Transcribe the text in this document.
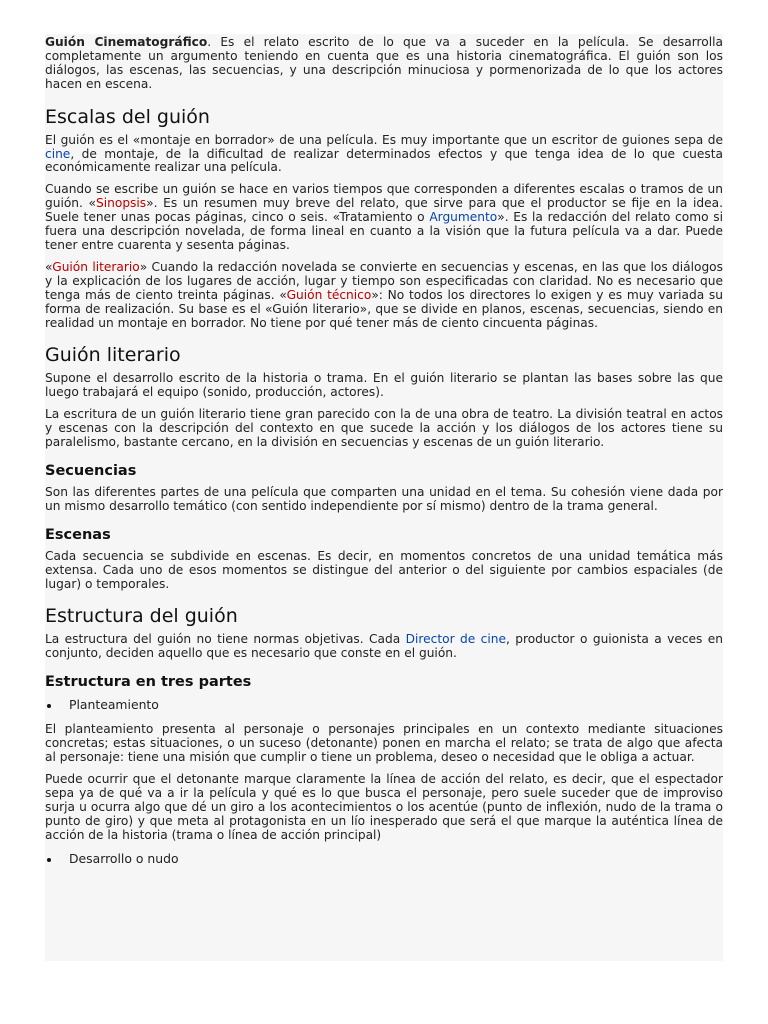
Guión Cinematográfico. Es el relato escrito de lo que va a suceder en la película. Se desarrolla completamente un argumento teniendo en cuenta que es una historia cinematográfica. El guión son los diálogos, las escenas, las secuencias, y una descripción minuciosa y pormenorizada de lo que los actores hacen en escena.

Escalas del guión

El guión es el «montaje en borrador» de una película. Es muy importante que un escritor de guiones sepa de cine, de montaje, de la dificultad de realizar determinados efectos y que tenga idea de lo que cuesta económicamente realizar una película.

Cuando se escribe un guión se hace en varios tiempos que corresponden a diferentes escalas o tramos de un guión. «Sinopsis». Es un resumen muy breve del relato, que sirve para que el productor se fije en la idea. Suele tener unas pocas páginas, cinco o seis. «Tratamiento o Argumento». Es la redacción del relato como si fuera una descripción novelada, de forma lineal en cuanto a la visión que la futura película va a dar. Puede tener entre cuarenta y sesenta páginas.

«Guión literario» Cuando la redacción novelada se convierte en secuencias y escenas, en las que los diálogos y la explicación de los lugares de acción, lugar y tiempo son especificadas con claridad. No es necesario que tenga más de ciento treinta páginas. «Guión técnico»: No todos los directores lo exigen y es muy variada su forma de realización. Su base es el «Guión literario», que se divide en planos, escenas, secuencias, siendo en realidad un montaje en borrador. No tiene por qué tener más de ciento cincuenta páginas.

Guión literario

Supone el desarrollo escrito de la historia o trama. En el guión literario se plantan las bases sobre las que luego trabajará el equipo (sonido, producción, actores).

La escritura de un guión literario tiene gran parecido con la de una obra de teatro. La división teatral en actos y escenas con la descripción del contexto en que sucede la acción y los diálogos de los actores tiene su paralelismo, bastante cercano, en la división en secuencias y escenas de un guión literario.

Secuencias

Son las diferentes partes de una película que comparten una unidad en el tema. Su cohesión viene dada por un mismo desarrollo temático (con sentido independiente por sí mismo) dentro de la trama general.

Escenas

Cada secuencia se subdivide en escenas. Es decir, en momentos concretos de una unidad temática más extensa. Cada uno de esos momentos se distingue del anterior o del siguiente por cambios espaciales (de lugar) o temporales.

Estructura del guión

La estructura del guión no tiene normas objetivas. Cada Director de cine, productor o guionista a veces en conjunto, deciden aquello que es necesario que conste en el guión.

Estructura en tres partes
Planteamiento

El planteamiento presenta al personaje o personajes principales en un contexto mediante situaciones concretas; estas situaciones, o un suceso (detonante) ponen en marcha el relato; se trata de algo que afecta al personaje: tiene una misión que cumplir o tiene un problema, deseo o necesidad que le obliga a actuar.

Puede ocurrir que el detonante marque claramente la línea de acción del relato, es decir, que el espectador sepa ya de qué va a ir la película y qué es lo que busca el personaje, pero suele suceder que de improviso surja u ocurra algo que dé un giro a los acontecimientos o los acentúe (punto de inflexión, nudo de la trama o punto de giro) y que meta al protagonista en un lío inesperado que será el que marque la auténtica línea de acción de la historia (trama o línea de acción principal)

Desarrollo o nudo
